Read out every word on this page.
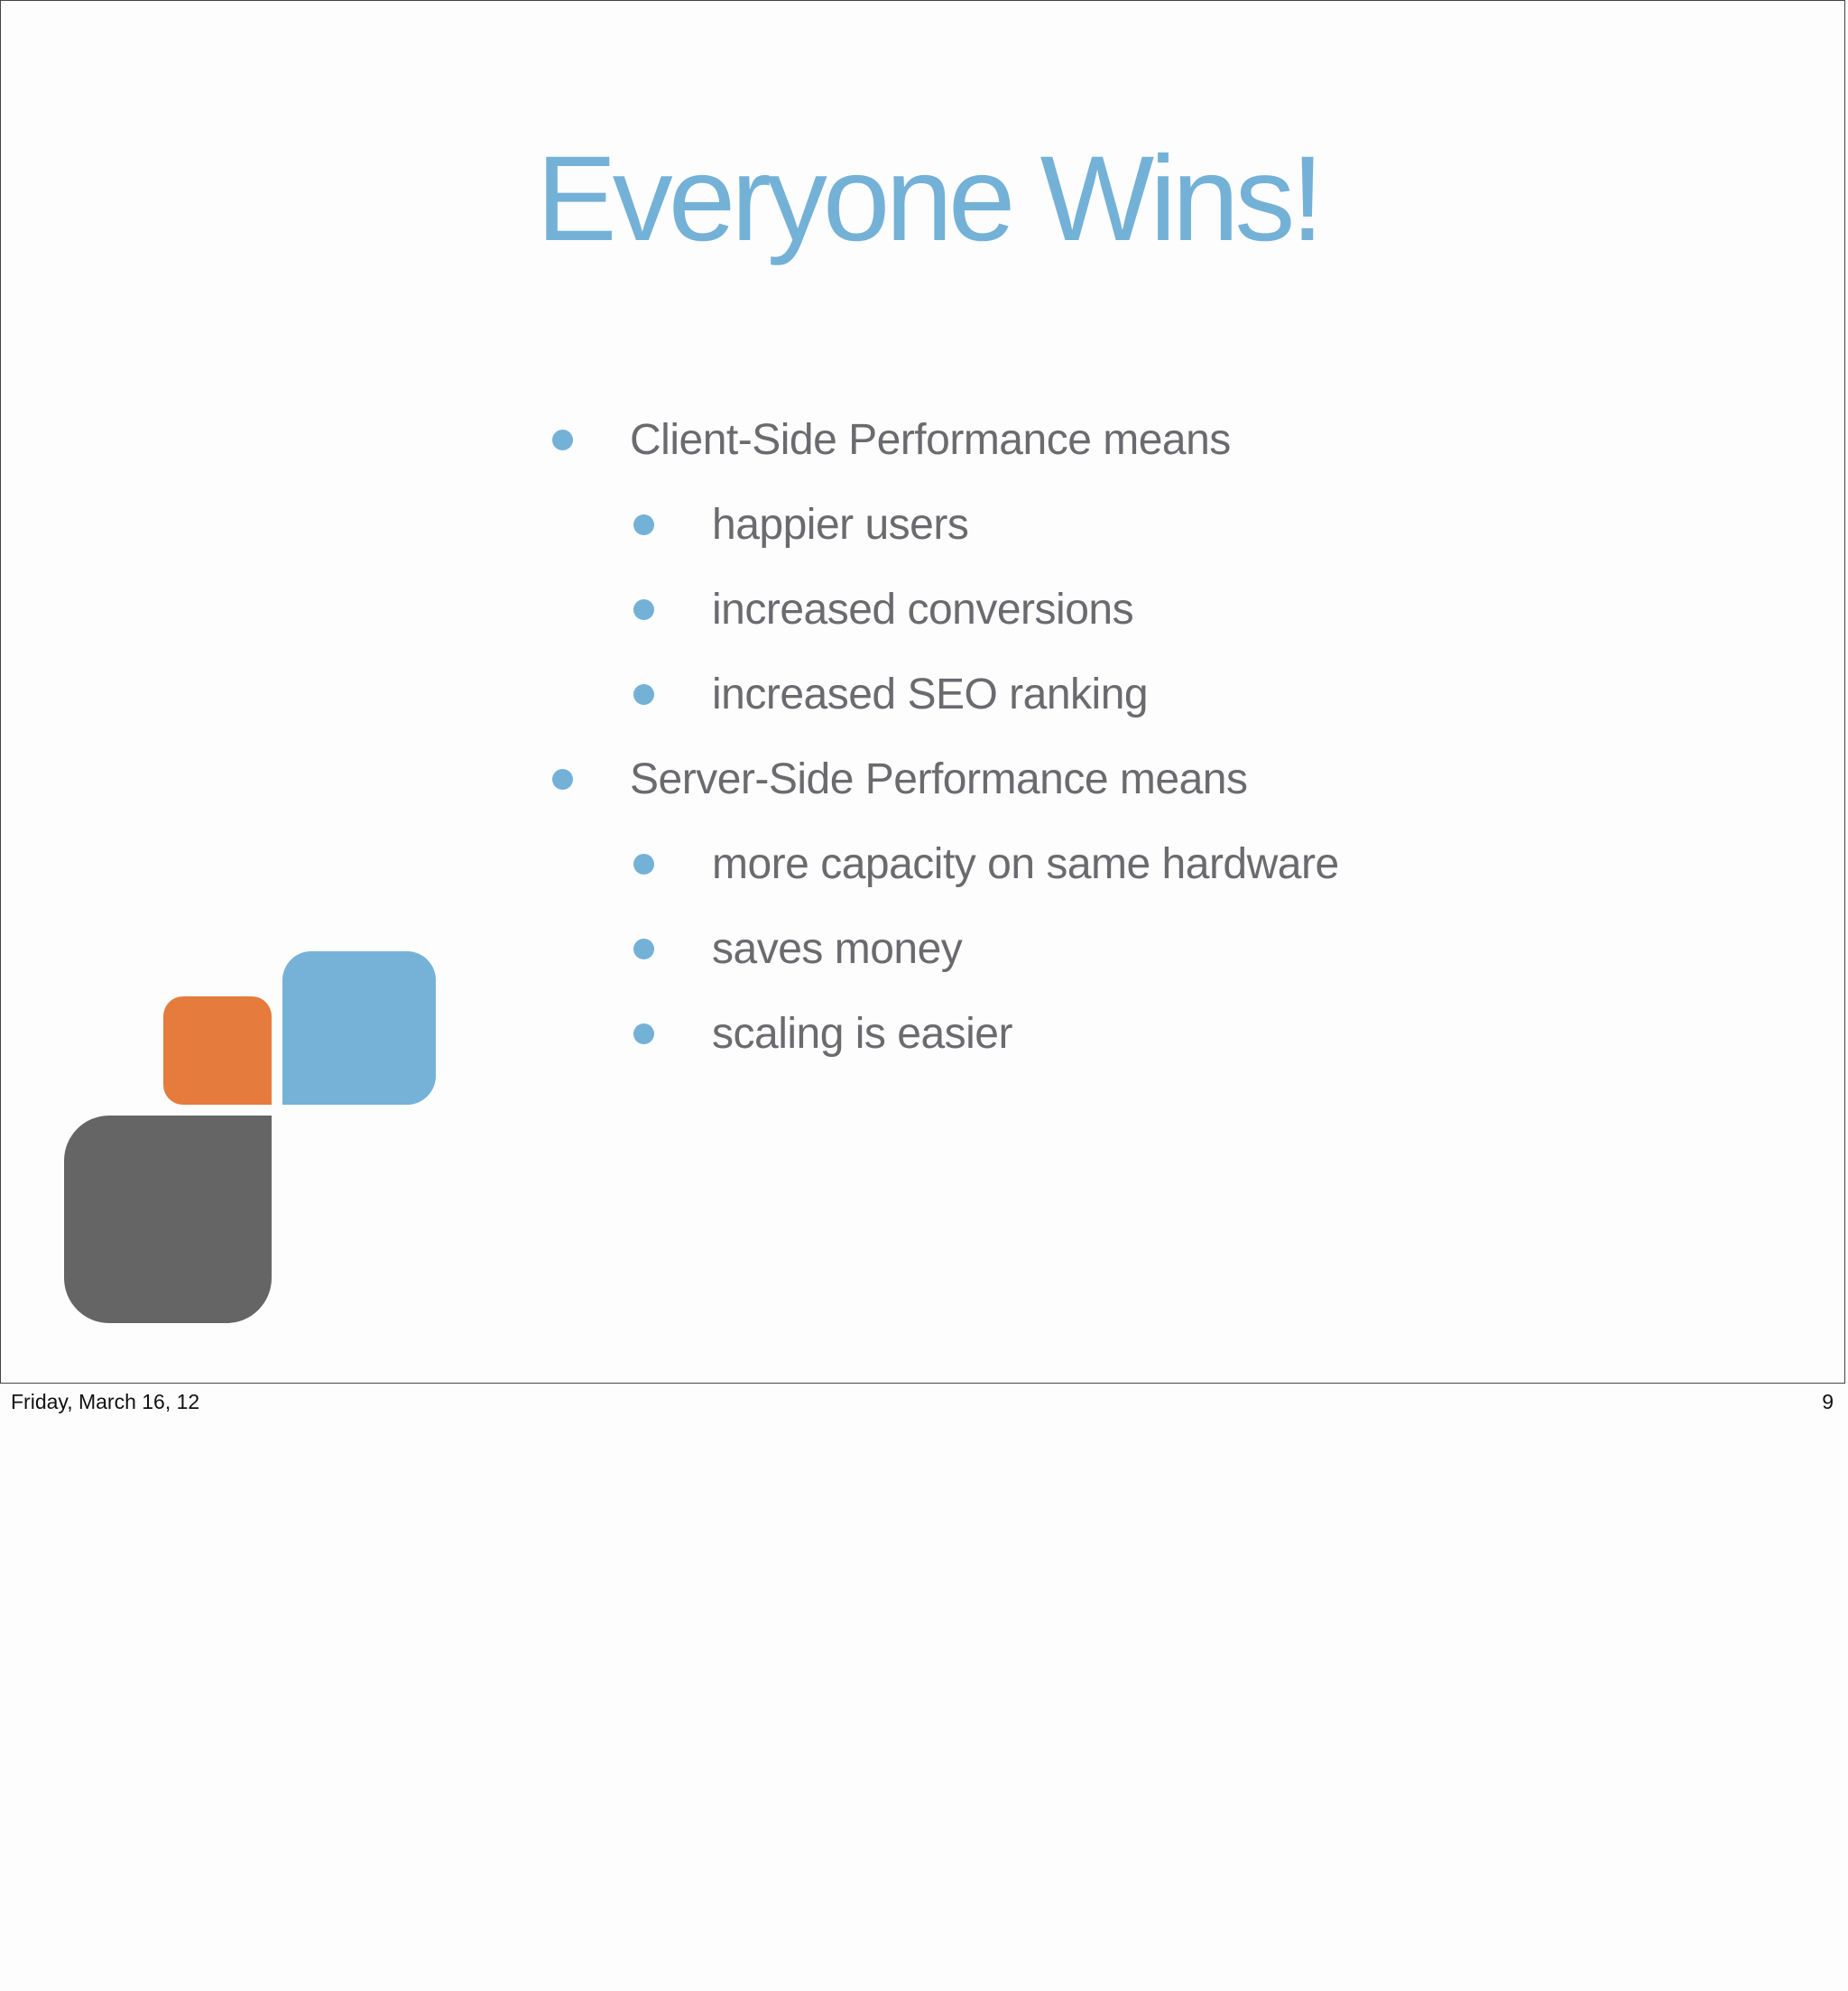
Everyone Wins!
Client-Side Performance means
happier users
increased conversions
increased SEO ranking
Server-Side Performance means
more capacity on same hardware
saves money
scaling is easier
Friday, March 16, 12	9
